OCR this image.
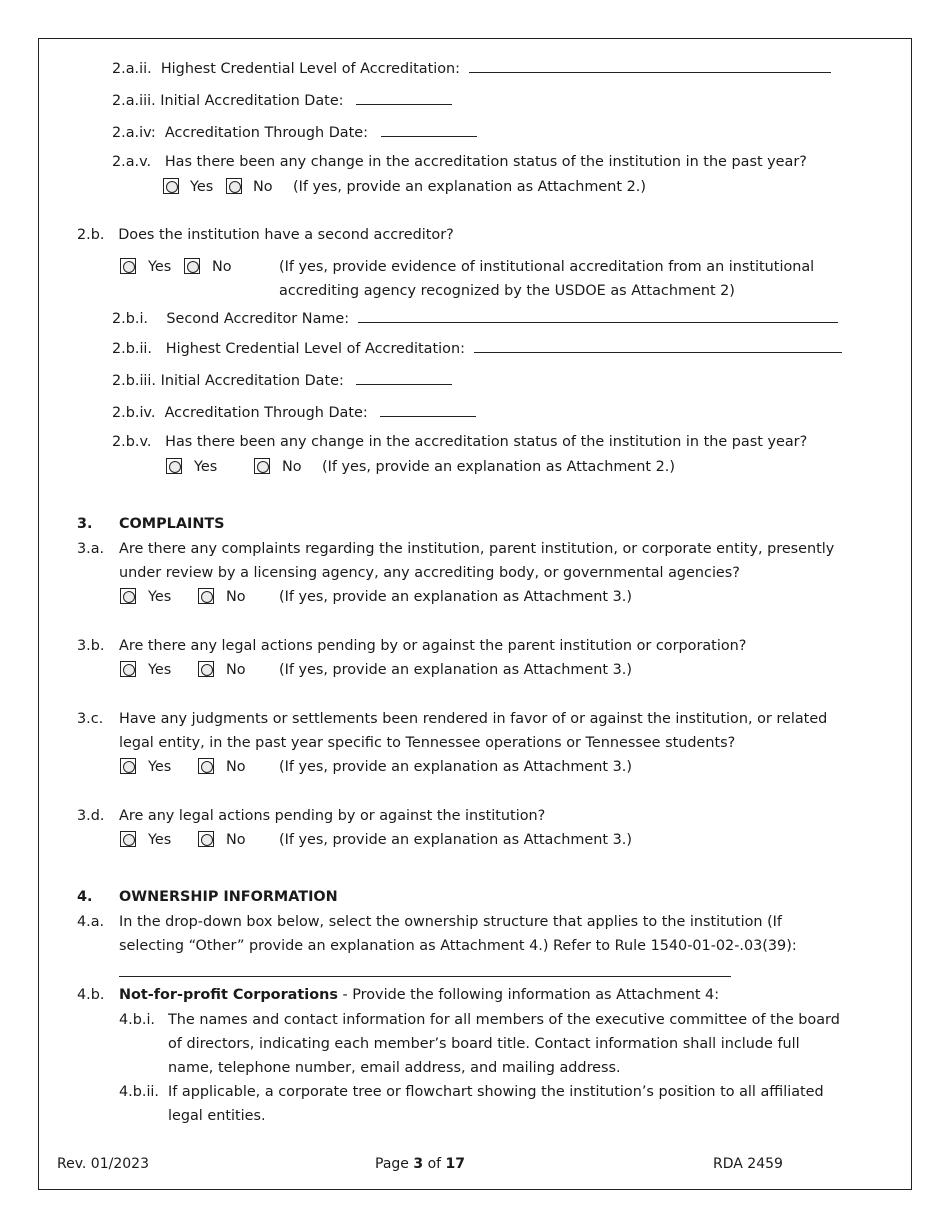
2.a.ii. Highest Credential Level of Accreditation:
2.a.iii. Initial Accreditation Date:
2.a.iv: Accreditation Through Date:
2.a.v. Has there been any change in the accreditation status of the institution in the past year?
Yes	No (If yes, provide an explanation as Attachment 2.)
2.b. Does the institution have a second accreditor?
Yes	No	(If yes, provide evidence of institutional accreditation from an institutional
accrediting agency recognized by the USDOE as Attachment 2)
2.b.i. Second Accreditor Name:
2.b.ii. Highest Credential Level of Accreditation:
2.b.iii. Initial Accreditation Date:
2.b.iv. Accreditation Through Date:
2.b.v. Has there been any change in the accreditation status of the institution in the past year?
Yes	No (If yes, provide an explanation as Attachment 2.)
3. COMPLAINTS
3.a. Are there any complaints regarding the institution, parent institution, or corporate entity, presently
under review by a licensing agency, any accrediting body, or governmental agencies?
Yes	No (If yes, provide an explanation as Attachment 3.)
3.b. Are there any legal actions pending by or against the parent institution or corporation?
Yes	No (If yes, provide an explanation as Attachment 3.)
3.c. Have any judgments or settlements been rendered in favor of or against the institution, or related
legal entity, in the past year specific to Tennessee operations or Tennessee students?
Yes	No (If yes, provide an explanation as Attachment 3.)
3.d. Are any legal actions pending by or against the institution?
Yes	No (If yes, provide an explanation as Attachment 3.)
4. OWNERSHIP INFORMATION
4.a. In the drop-down box below, select the ownership structure that applies to the institution (If
selecting “Other” provide an explanation as Attachment 4.) Refer to Rule 1540-01-02-.03(39):
4.b. Not-for-profit Corporations - Provide the following information as Attachment 4:
4.b.i. The names and contact information for all members of the executive committee of the board
of directors, indicating each member’s board title. Contact information shall include full
name, telephone number, email address, and mailing address.
4.b.ii. If applicable, a corporate tree or flowchart showing the institution’s position to all affiliated
legal entities.
Rev. 01/2023	Page 3 of 17	RDA 2459
